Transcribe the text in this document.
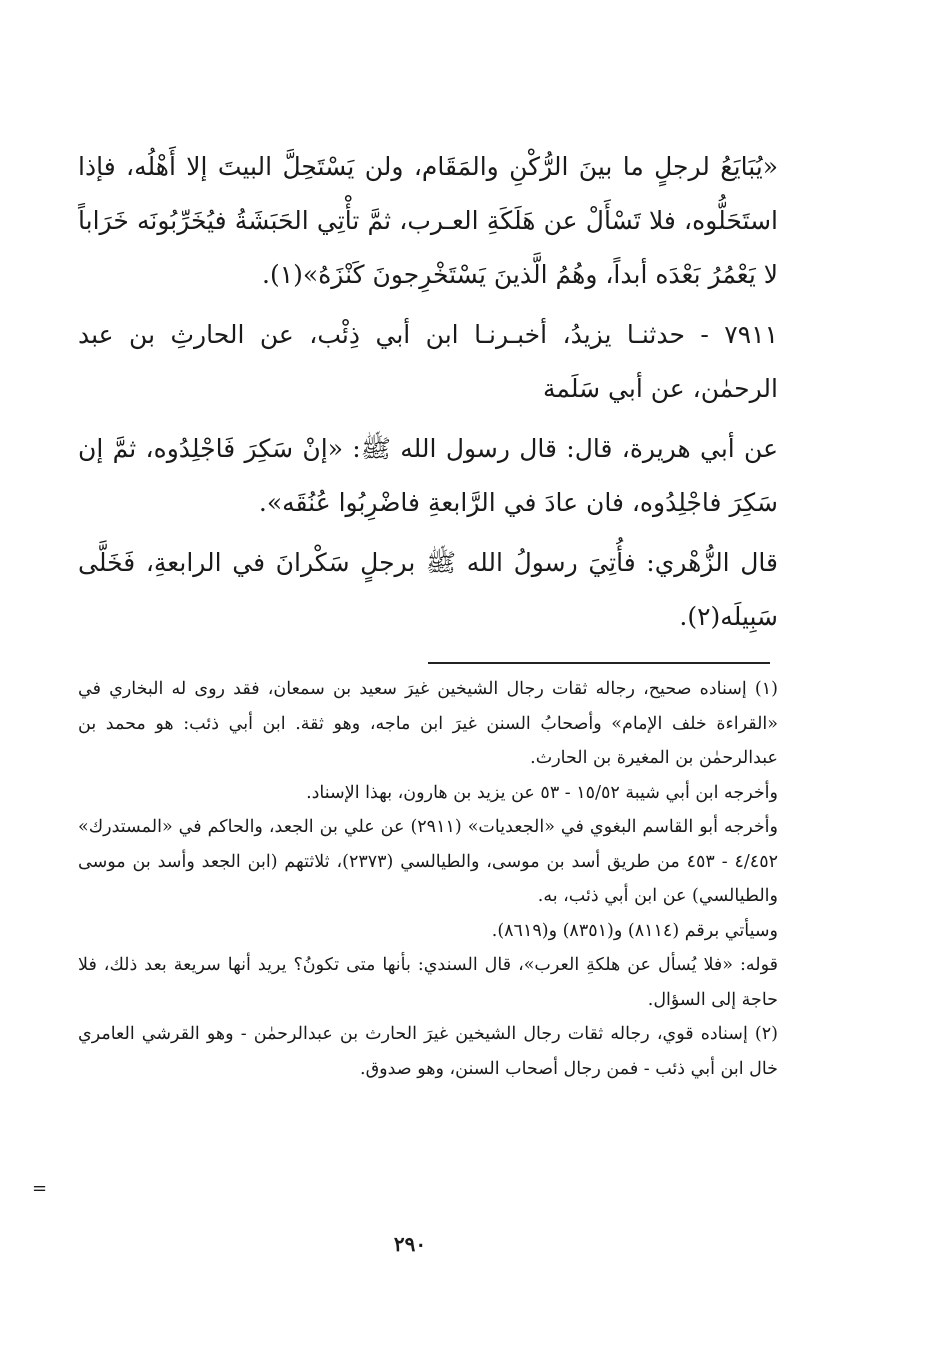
«يُبَايَعُ لرجلٍ ما بينَ الرُّكْنِ والمَقَام، ولن يَسْتَحِلَّ البيتَ إلا أَهْلُه، فإذا استَحَلُّوه، فلا تَسْأَلْ عن هَلَكَةِ العـرب، ثمَّ تأْتِي الحَبَشَةُ فيُخَرِّبُونَه خَرَاباً لا يَعْمُرُ بَعْدَه أبداً، وهُمُ الَّذينَ يَسْتَخْرِجونَ كَنْزَهُ»(١).

٧٩١١ - حدثنـا يزيدُ، أخبـرنـا ابن أبي ذِئْب، عن الحارثِ بن عبد الرحمٰن، عن أبي سَلَمة

عن أبي هريرة، قال: قال رسول الله ﷺ: «إنْ سَكِرَ فَاجْلِدُوه، ثمَّ إن سَكِرَ فاجْلِدُوه، فان عادَ في الرَّابعةِ فاضْرِبُوا عُنُقَه».

قال الزُّهْري: فأُتِيَ رسولُ الله ﷺ برجلٍ سَكْرانَ في الرابعةِ، فَخَلَّى سَبِيلَه(٢).

(١) إسناده صحيح، رجاله ثقات رجال الشيخين غيرَ سعيد بن سمعان، فقد روى له البخاري في «القراءة خلف الإمام» وأصحابُ السنن غيرَ ابن ماجه، وهو ثقة. ابن أبي ذئب: هو محمد بن عبدالرحمٰن بن المغيرة بن الحارث.

وأخرجه ابن أبي شيبة ١٥/٥٢ - ٥٣ عن يزيد بن هارون، بهذا الإسناد.

وأخرجه أبو القاسم البغوي في «الجعديات» (٢٩١١) عن علي بن الجعد، والحاكم في «المستدرك» ٤/٤٥٢ - ٤٥٣ من طريق أسد بن موسى، والطيالسي (٢٣٧٣)، ثلاثتهم (ابن الجعد وأسد بن موسى والطيالسي) عن ابن أبي ذئب، به.

وسيأتي برقم (٨١١٤) و(٨٣٥١) و(٨٦١٩).

قوله: «فلا يُسأل عن هلكةِ العرب»، قال السندي: بأنها متى تكونُ؟ يريد أنها سريعة بعد ذلك، فلا حاجة إلى السؤال.

(٢) إسناده قوي، رجاله ثقات رجال الشيخين غيرَ الحارث بن عبدالرحمٰن - وهو القرشي العامري خال ابن أبي ذئب - فمن رجال أصحاب السنن، وهو صدوق.

=
٢٩٠
